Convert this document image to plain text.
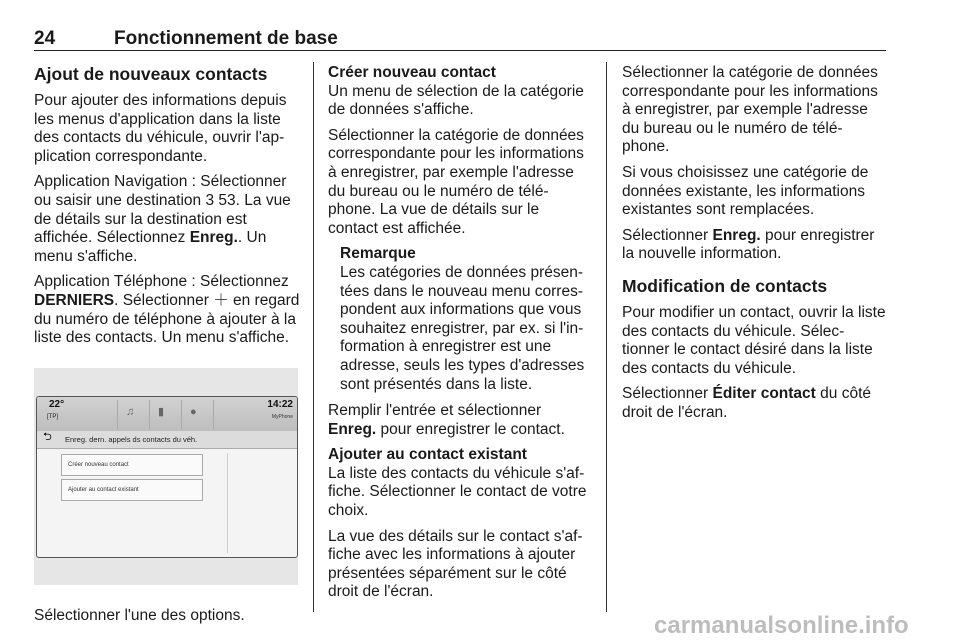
24	Fonctionnement de base
Ajout de nouveaux contacts

Pour ajouter des informations depuis les menus d'application dans la liste des contacts du véhicule, ouvrir l'ap-plication correspondante.

Application Navigation : Sélectionner ou saisir une destination 3 53. La vue de détails sur la destination est affichée. Sélectionnez Enreg.. Un menu s'affiche.

Application Téléphone : Sélectionnez DERNIERS. Sélectionner ＋ en regard du numéro de téléphone à ajouter à la liste des contacts. Un menu s'affiche.

22°
[TP]	♫ ▮ ●
14:22
MyPhone
⮌ Enreg. dern. appels ds contacts du véh.
Créer nouveau contact
Ajouter au contact existant

Sélectionner l'une des options.

Créer nouveau contact

Un menu de sélection de la catégorie de données s'affiche.

Sélectionner la catégorie de données correspondante pour les informations à enregistrer, par exemple l'adresse du bureau ou le numéro de télé-phone. La vue de détails sur le contact est affichée.

Remarque
Les catégories de données présen-tées dans le nouveau menu corres-pondent aux informations que vous souhaitez enregistrer, par ex. si l'in-formation à enregistrer est une adresse, seuls les types d'adresses sont présentés dans la liste.

Remplir l'entrée et sélectionner Enreg. pour enregistrer le contact.

Ajouter au contact existant

La liste des contacts du véhicule s'af-fiche. Sélectionner le contact de votre choix.

La vue des détails sur le contact s'af-fiche avec les informations à ajouter présentées séparément sur le côté droit de l'écran.

Sélectionner la catégorie de données correspondante pour les informations à enregistrer, par exemple l'adresse du bureau ou le numéro de télé-phone.

Si vous choisissez une catégorie de données existante, les informations existantes sont remplacées.

Sélectionner Enreg. pour enregistrer la nouvelle information.

Modification de contacts

Pour modifier un contact, ouvrir la liste des contacts du véhicule. Sélec-tionner le contact désiré dans la liste des contacts du véhicule.

Sélectionner Éditer contact du côté droit de l'écran.

carmanualsonline.info
